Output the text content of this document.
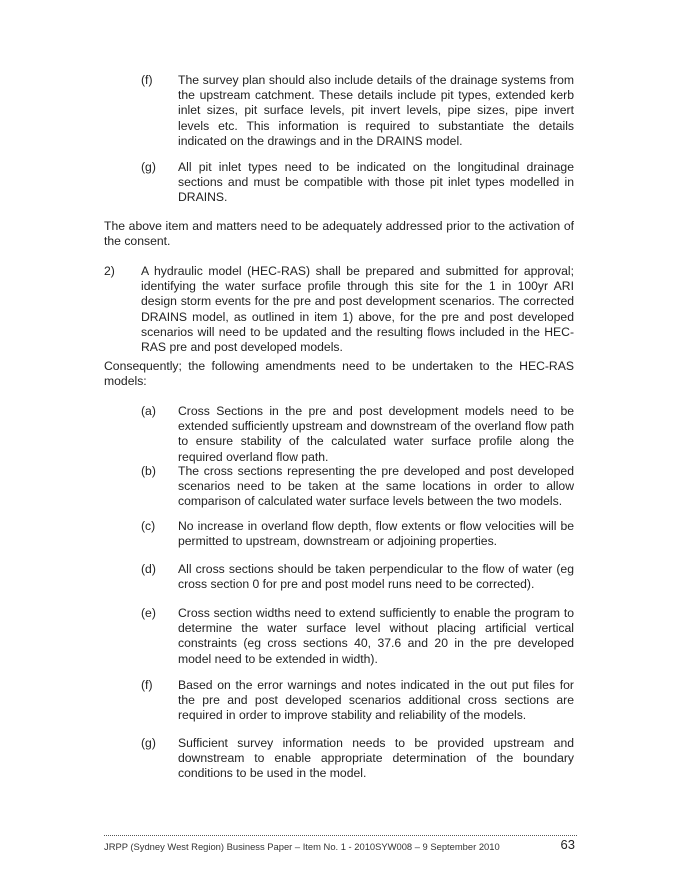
(f) The survey plan should also include details of the drainage systems from the upstream catchment. These details include pit types, extended kerb inlet sizes, pit surface levels, pit invert levels, pipe sizes, pipe invert levels etc. This information is required to substantiate the details indicated on the drawings and in the DRAINS model.
(g) All pit inlet types need to be indicated on the longitudinal drainage sections and must be compatible with those pit inlet types modelled in DRAINS.
The above item and matters need to be adequately addressed prior to the activation of the consent.
2) A hydraulic model (HEC-RAS) shall be prepared and submitted for approval; identifying the water surface profile through this site for the 1 in 100yr ARI design storm events for the pre and post development scenarios. The corrected DRAINS model, as outlined in item 1) above, for the pre and post developed scenarios will need to be updated and the resulting flows included in the HEC-RAS pre and post developed models.
Consequently; the following amendments need to be undertaken to the HEC-RAS models:
(a) Cross Sections in the pre and post development models need to be extended sufficiently upstream and downstream of the overland flow path to ensure stability of the calculated water surface profile along the required overland flow path.
(b) The cross sections representing the pre developed and post developed scenarios need to be taken at the same locations in order to allow comparison of calculated water surface levels between the two models.
(c) No increase in overland flow depth, flow extents or flow velocities will be permitted to upstream, downstream or adjoining properties.
(d) All cross sections should be taken perpendicular to the flow of water (eg cross section 0 for pre and post model runs need to be corrected).
(e) Cross section widths need to extend sufficiently to enable the program to determine the water surface level without placing artificial vertical constraints (eg cross sections 40, 37.6 and 20 in the pre developed model need to be extended in width).
(f) Based on the error warnings and notes indicated in the out put files for the pre and post developed scenarios additional cross sections are required in order to improve stability and reliability of the models.
(g) Sufficient survey information needs to be provided upstream and downstream to enable appropriate determination of the boundary conditions to be used in the model.
JRPP (Sydney West Region) Business Paper – Item No. 1 - 2010SYW008 – 9 September 2010	63
